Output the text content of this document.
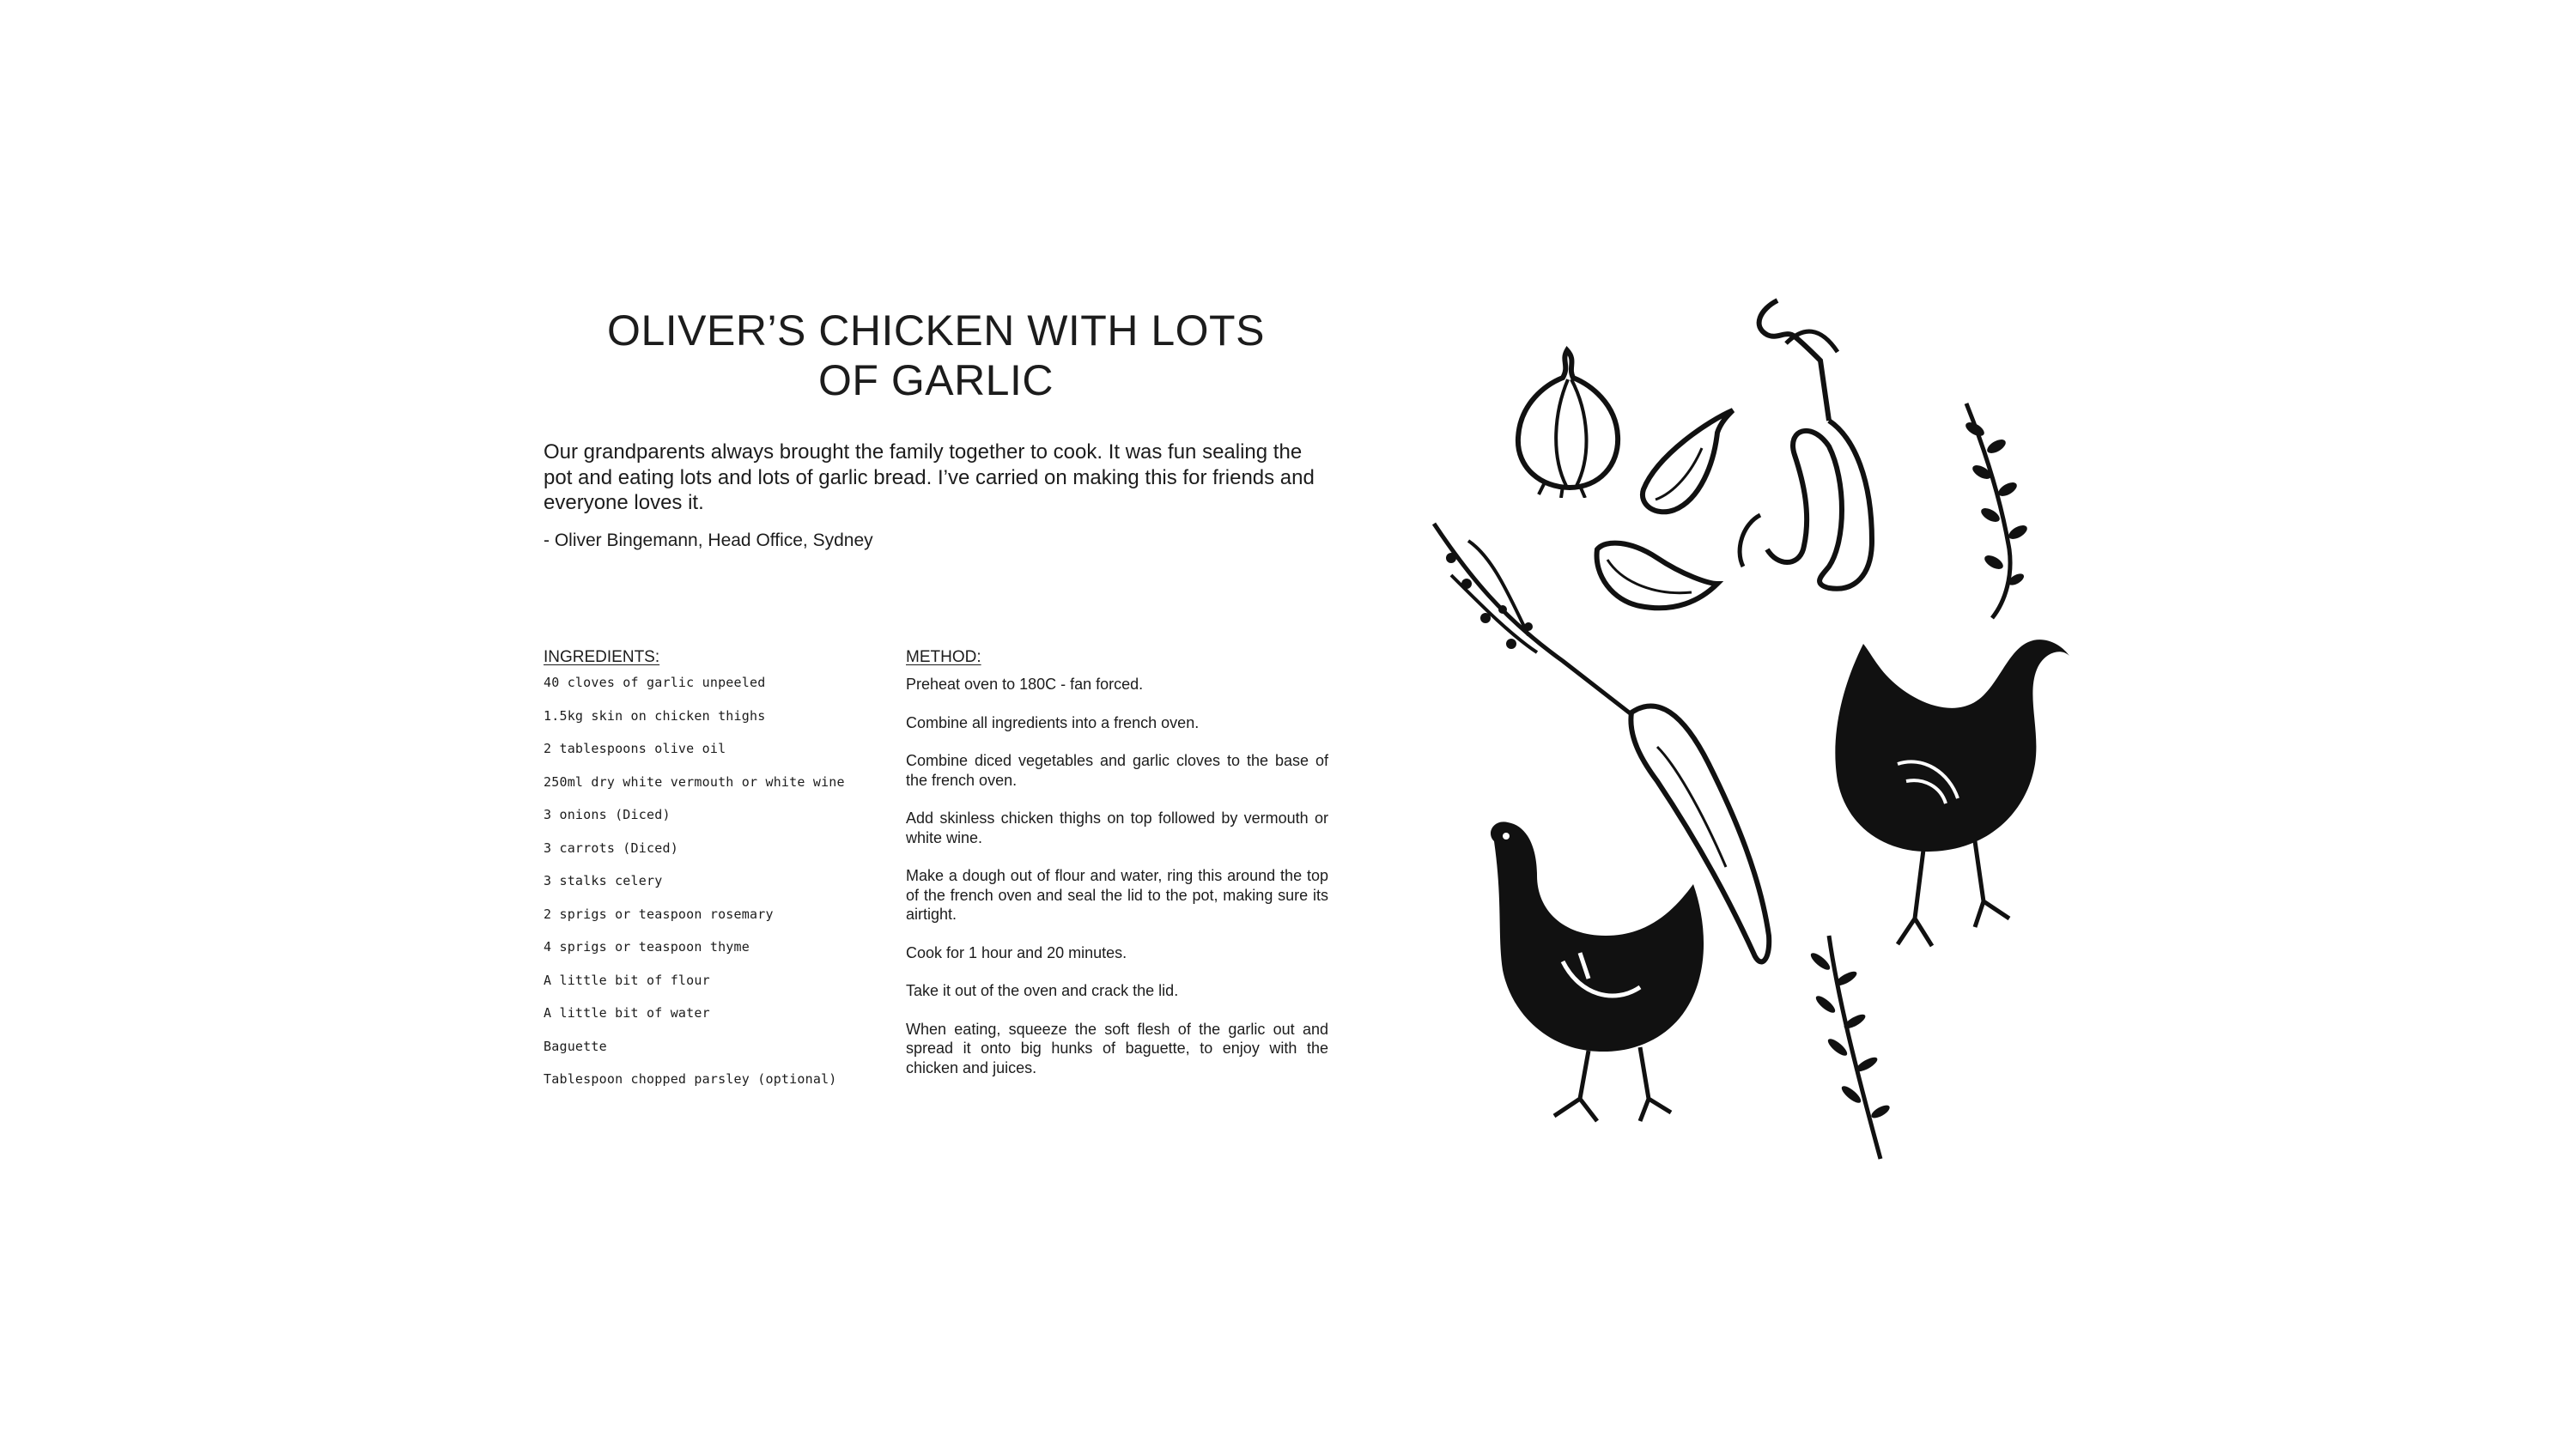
OLIVER’S CHICKEN WITH LOTS
OF GARLIC

Our grandparents always brought the family together to cook. It was fun sealing the pot and eating lots and lots of garlic bread. I’ve carried on making this for friends and everyone loves it.

- Oliver Bingemann, Head Office, Sydney

INGREDIENTS:
40 cloves of garlic unpeeled
1.5kg skin on chicken thighs
2 tablespoons olive oil
250ml dry white vermouth or white wine
3 onions (Diced)
3 carrots (Diced)
3 stalks celery
2 sprigs or teaspoon rosemary
4 sprigs or teaspoon thyme
A little bit of flour
A little bit of water
Baguette
Tablespoon chopped parsley (optional)
METHOD:
Preheat oven to 180C - fan forced.
Combine all ingredients into a french oven.
Combine diced vegetables and garlic cloves to the base of the french oven.
Add skinless chicken thighs on top followed by vermouth or white wine.
Make a dough out of flour and water, ring this around the top of the french oven and seal the lid to the pot, making sure its airtight.
Cook for 1 hour and 20 minutes.
Take it out of the oven and crack the lid.
When eating, squeeze the soft flesh of the garlic out and spread it onto big hunks of baguette, to enjoy with the chicken and juices.
